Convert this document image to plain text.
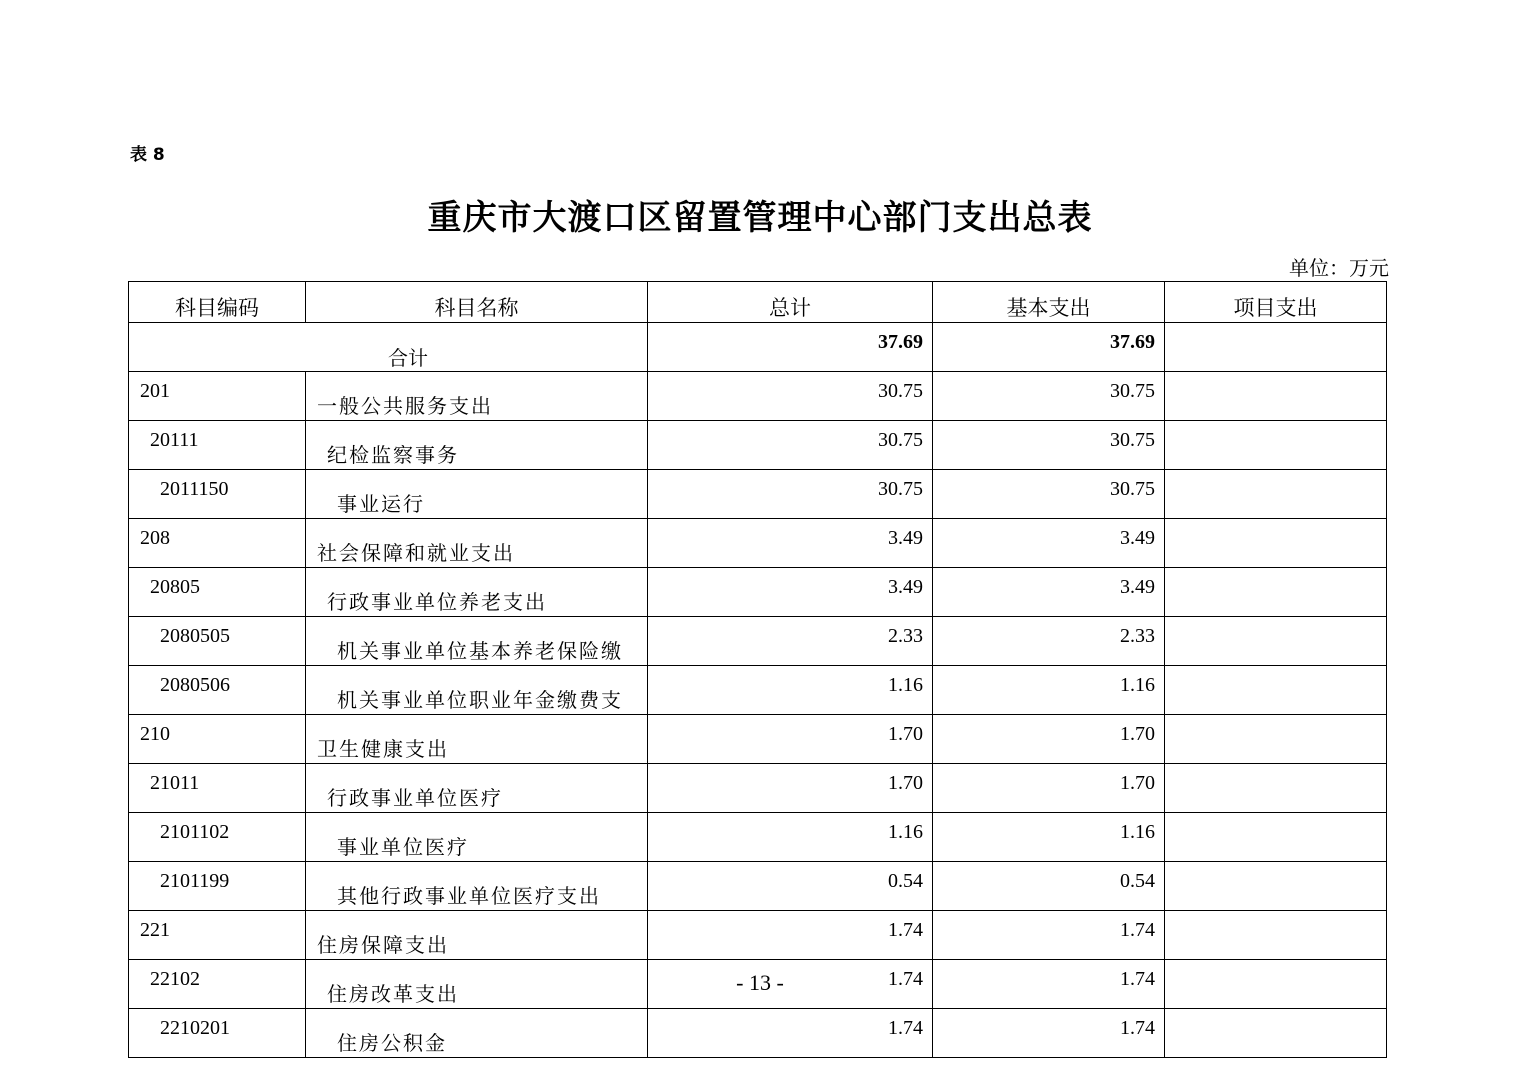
表 8
重庆市大渡口区留置管理中心部门支出总表
单位：万元
科目编码	科目名称	总计	基本支出	项目支出
合计		37.69	37.69	
201	一般公共服务支出	30.75	30.75	
20111	纪检监察事务	30.75	30.75	
2011150	事业运行	30.75	30.75	
208	社会保障和就业支出	3.49	3.49	
20805	行政事业单位养老支出	3.49	3.49	
2080505	机关事业单位基本养老保险缴	2.33	2.33	
2080506	机关事业单位职业年金缴费支	1.16	1.16	
210	卫生健康支出	1.70	1.70	
21011	行政事业单位医疗	1.70	1.70	
2101102	事业单位医疗	1.16	1.16	
2101199	其他行政事业单位医疗支出	0.54	0.54	
221	住房保障支出	1.74	1.74	
22102	住房改革支出	1.74	1.74	
2210201	住房公积金	1.74	1.74	
- 13 -
